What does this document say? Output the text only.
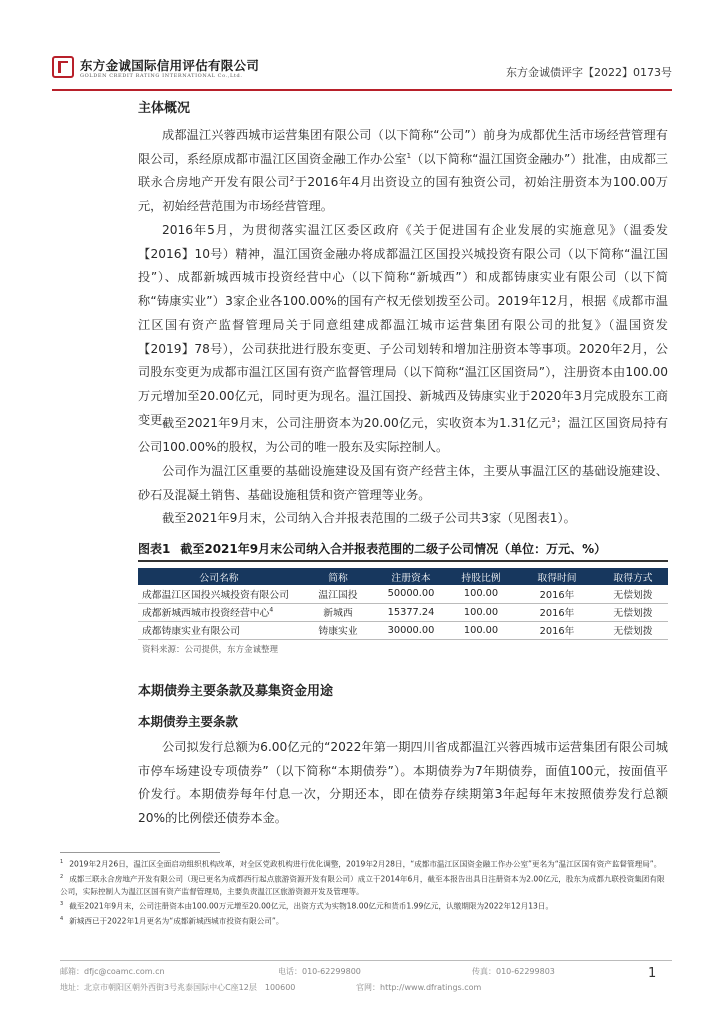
东方金诚国际信用评估有限公司
GOLDEN CREDIT RATING INTERNATIONAL Co.,Ltd.	东方金诚债评字【2022】0173号
主体概况
成都温江兴蓉西城市运营集团有限公司（以下简称“公司”）前身为成都优生活市场经营管理有限公司，系经原成都市温江区国资金融工作办公室$^1$（以下简称“温江国资金融办”）批准，由成都三联永合房地产开发有限公司$^2$于2016年4月出资设立的国有独资公司，初始注册资本为100.00万元，初始经营范围为市场经营管理。
2016年5月，为贯彻落实温江区委区政府《关于促进国有企业发展的实施意见》（温委发【2016】10号）精神，温江国资金融办将成都温江区国投兴城投资有限公司（以下简称“温江国投”）、成都新城西城市投资经营中心（以下简称“新城西”）和成都铸康实业有限公司（以下简称“铸康实业”）3家企业各100.00%的国有产权无偿划拨至公司。2019年12月，根据《成都市温江区国有资产监督管理局关于同意组建成都温江城市运营集团有限公司的批复》（温国资发【2019】78号），公司获批进行股东变更、子公司划转和增加注册资本等事项。2020年2月，公司股东变更为成都市温江区国有资产监督管理局（以下简称“温江区国资局”），注册资本由100.00万元增加至20.00亿元，同时更为现名。温江国投、新城西及铸康实业于2020年3月完成股东工商变更。
截至2021年9月末，公司注册资本为20.00亿元，实收资本为1.31亿元$^3$；温江区国资局持有公司100.00%的股权，为公司的唯一股东及实际控制人。
公司作为温江区重要的基础设施建设及国有资产经营主体，主要从事温江区的基础设施建设、砂石及混凝土销售、基础设施租赁和资产管理等业务。
截至2021年9月末，公司纳入合并报表范围的二级子公司共3家（见图表1）。
图表1 截至2021年9月末公司纳入合并报表范围的二级子公司情况（单位：万元、%）
公司名称	简称	注册资本	持股比例	取得时间	取得方式
成都温江区国投兴城投资有限公司	温江国投	50000.00	100.00	2016年	无偿划拨
成都新城西城市投资经营中心$^4$	新城西	15377.24	100.00	2016年	无偿划拨
成都铸康实业有限公司	铸康实业	30000.00	100.00	2016年	无偿划拨
资料来源：公司提供，东方金诚整理
本期债券主要条款及募集资金用途
本期债券主要条款
公司拟发行总额为6.00亿元的“2022年第一期四川省成都温江兴蓉西城市运营集团有限公司城市停车场建设专项债券”（以下简称“本期债券”）。本期债券为7年期债券，面值100元，按面值平价发行。本期债券每年付息一次，分期还本，即在债券存续期第3年起每年末按照债券发行总额20%的比例偿还债券本金。

$^1$ 2019年2月26日，温江区全面启动组织机构改革，对全区党政机构进行优化调整，2019年2月28日，“成都市温江区国资金融工作办公室”更名为“温江区国有资产监督管理局”。

$^2$ 成都三联永合房地产开发有限公司（现已更名为成都西行起点旅游资源开发有限公司）成立于2014年6月，截至本报告出具日注册资本为2.00亿元，股东为成都九联投资集团有限公司，实际控制人为温江区国有资产监督管理局，主要负责温江区旅游资源开发及管理等。

$^3$ 截至2021年9月末，公司注册资本由100.00万元增至20.00亿元，出资方式为实物18.00亿元和货币1.99亿元，认缴期限为2022年12月13日。

$^4$ 新城西已于2022年1月更名为“成都新城西城市投资有限公司”。

邮箱：dfjc@coamc.com.cn	电话：010-62299800	传真：010-62299803
地址：北京市朝阳区朝外西街3号兆泰国际中心C座12层　100600	官网：http://www.dfratings.com
1
